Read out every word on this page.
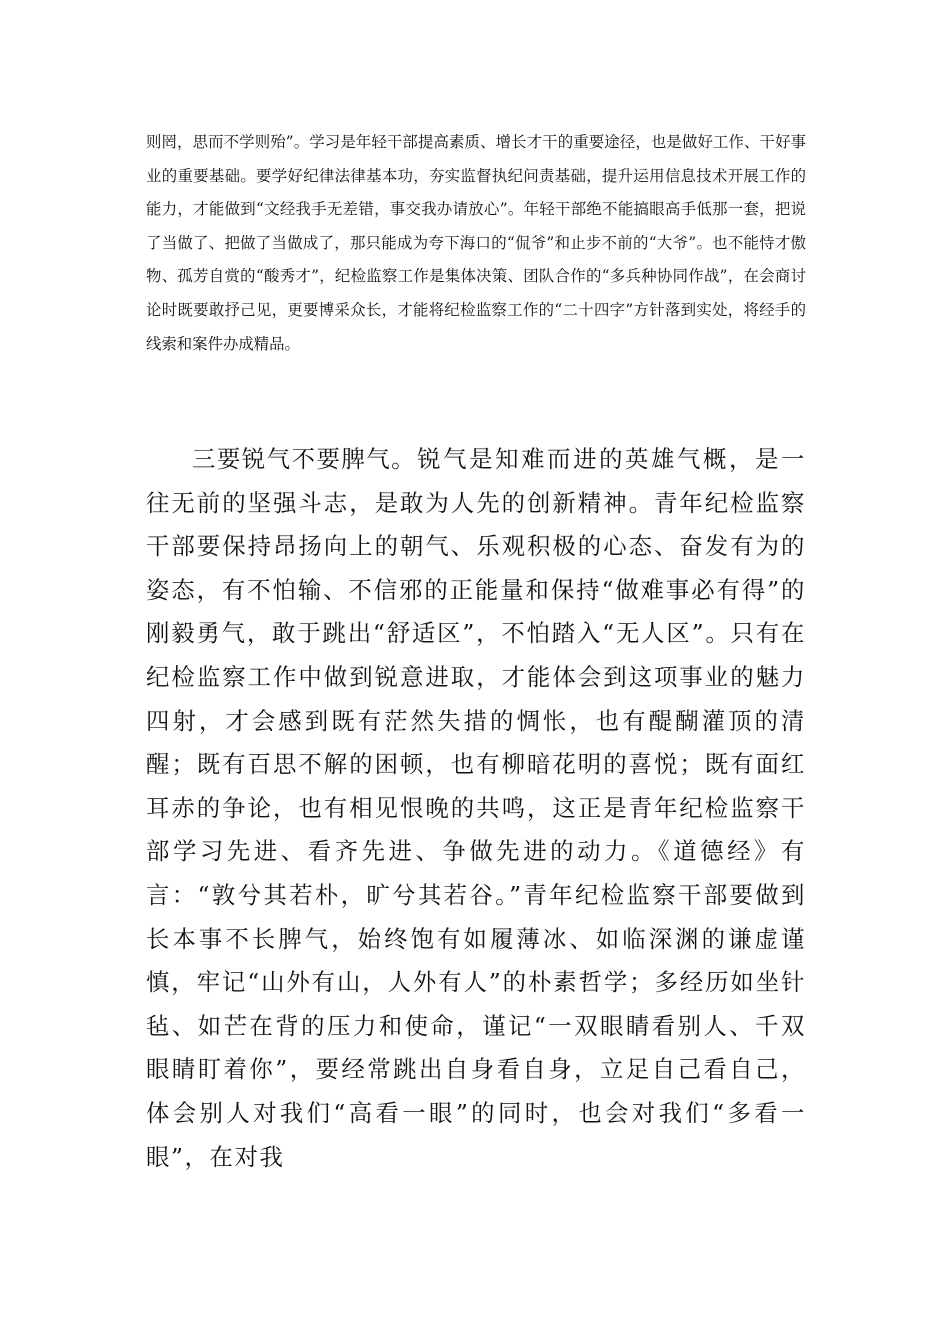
则罔，思而不学则殆”。学习是年轻干部提高素质、增长才干的重要途径，也是做好工作、干好事业的重要基础。要学好纪律法律基本功，夯实监督执纪问责基础，提升运用信息技术开展工作的能力，才能做到“文经我手无差错，事交我办请放心”。年轻干部绝不能搞眼高手低那一套，把说了当做了、把做了当做成了，那只能成为夸下海口的“侃爷”和止步不前的“大爷”。也不能恃才傲物、孤芳自赏的“酸秀才”，纪检监察工作是集体决策、团队合作的“多兵种协同作战”，在会商讨论时既要敢抒己见，更要博采众长，才能将纪检监察工作的“二十四字”方针落到实处，将经手的线索和案件办成精品。

三要锐气不要脾气。锐气是知难而进的英雄气概，是一往无前的坚强斗志，是敢为人先的创新精神。青年纪检监察干部要保持昂扬向上的朝气、乐观积极的心态、奋发有为的姿态，有不怕输、不信邪的正能量和保持“做难事必有得”的刚毅勇气，敢于跳出“舒适区”，不怕踏入“无人区”。只有在纪检监察工作中做到锐意进取，才能体会到这项事业的魅力四射，才会感到既有茫然失措的惆怅，也有醍醐灌顶的清醒；既有百思不解的困顿，也有柳暗花明的喜悦；既有面红耳赤的争论，也有相见恨晚的共鸣，这正是青年纪检监察干部学习先进、看齐先进、争做先进的动力。《道德经》有言：“敦兮其若朴，旷兮其若谷。”青年纪检监察干部要做到长本事不长脾气，始终饱有如履薄冰、如临深渊的谦虚谨慎，牢记“山外有山，人外有人”的朴素哲学；多经历如坐针毡、如芒在背的压力和使命，谨记“一双眼睛看别人、千双眼睛盯着你”，要经常跳出自身看自身，立足自己看自己，体会别人对我们“高看一眼”的同时，也会对我们“多看一眼”，在对我
